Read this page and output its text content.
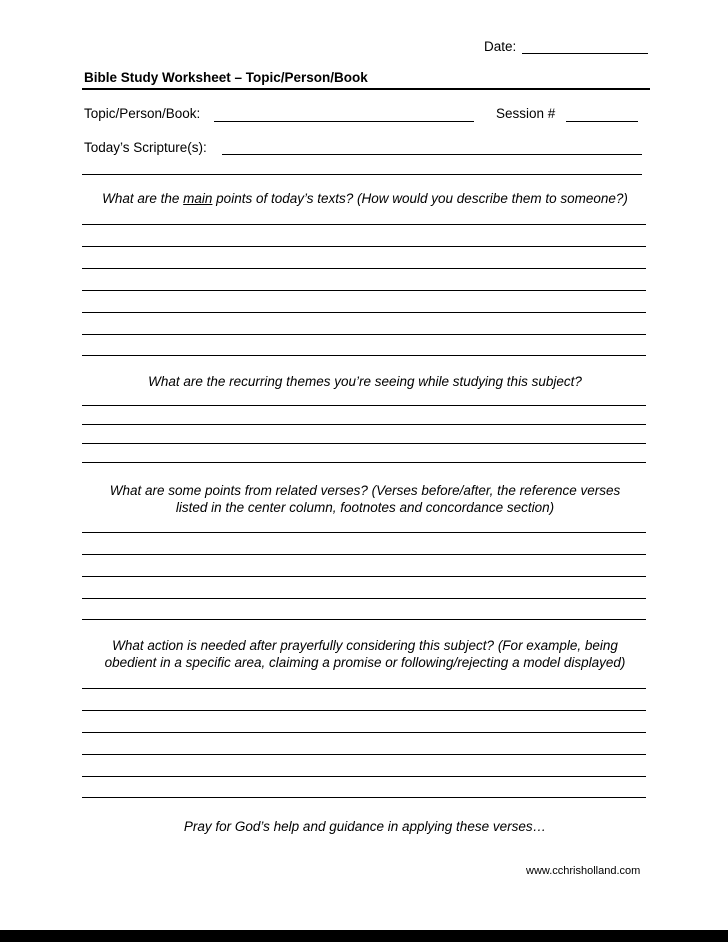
Date:
Bible Study Worksheet – Topic/Person/Book
Topic/Person/Book:	Session #
Today’s Scripture(s):
What are the main points of today’s texts? (How would you describe them to someone?)
What are the recurring themes you’re seeing while studying this subject?
What are some points from related verses? (Verses before/after, the reference verses
listed in the center column, footnotes and concordance section)
What action is needed after prayerfully considering this subject? (For example, being
obedient in a specific area, claiming a promise or following/rejecting a model displayed)
Pray for God’s help and guidance in applying these verses…
www.cchrisholland.com
